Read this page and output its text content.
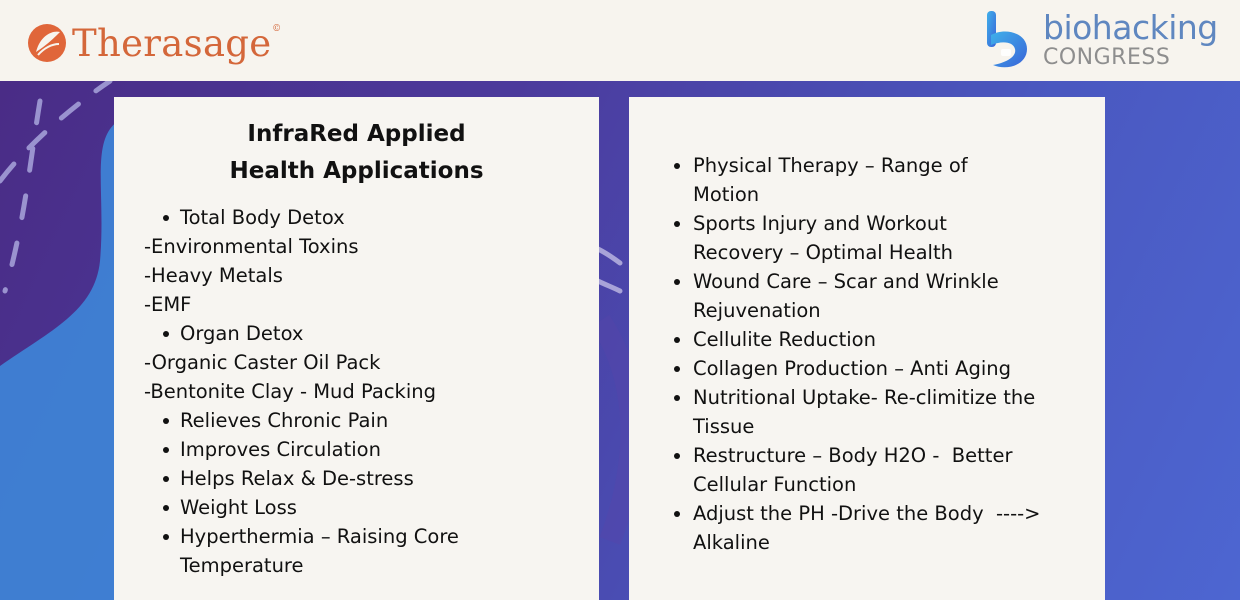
Therasage ©	biohacking
CONGRESS
InfraRed Applied
Health Applications
Total Body Detox
-Environmental Toxins
-Heavy Metals
-EMF
Organ Detox
-Organic Caster Oil Pack
-Bentonite Clay - Mud Packing
Relieves Chronic Pain
Improves Circulation
Helps Relax & De-stress
Weight Loss
Hyperthermia – Raising Core Temperature
Physical Therapy – Range of Motion
Sports Injury and Workout Recovery – Optimal Health
Wound Care – Scar and Wrinkle Rejuvenation
Cellulite Reduction
Collagen Production – Anti Aging
Nutritional Uptake- Re-climitize the Tissue
Restructure – Body H2O -  Better Cellular Function
Adjust the PH -Drive the Body  ---->  Alkaline
